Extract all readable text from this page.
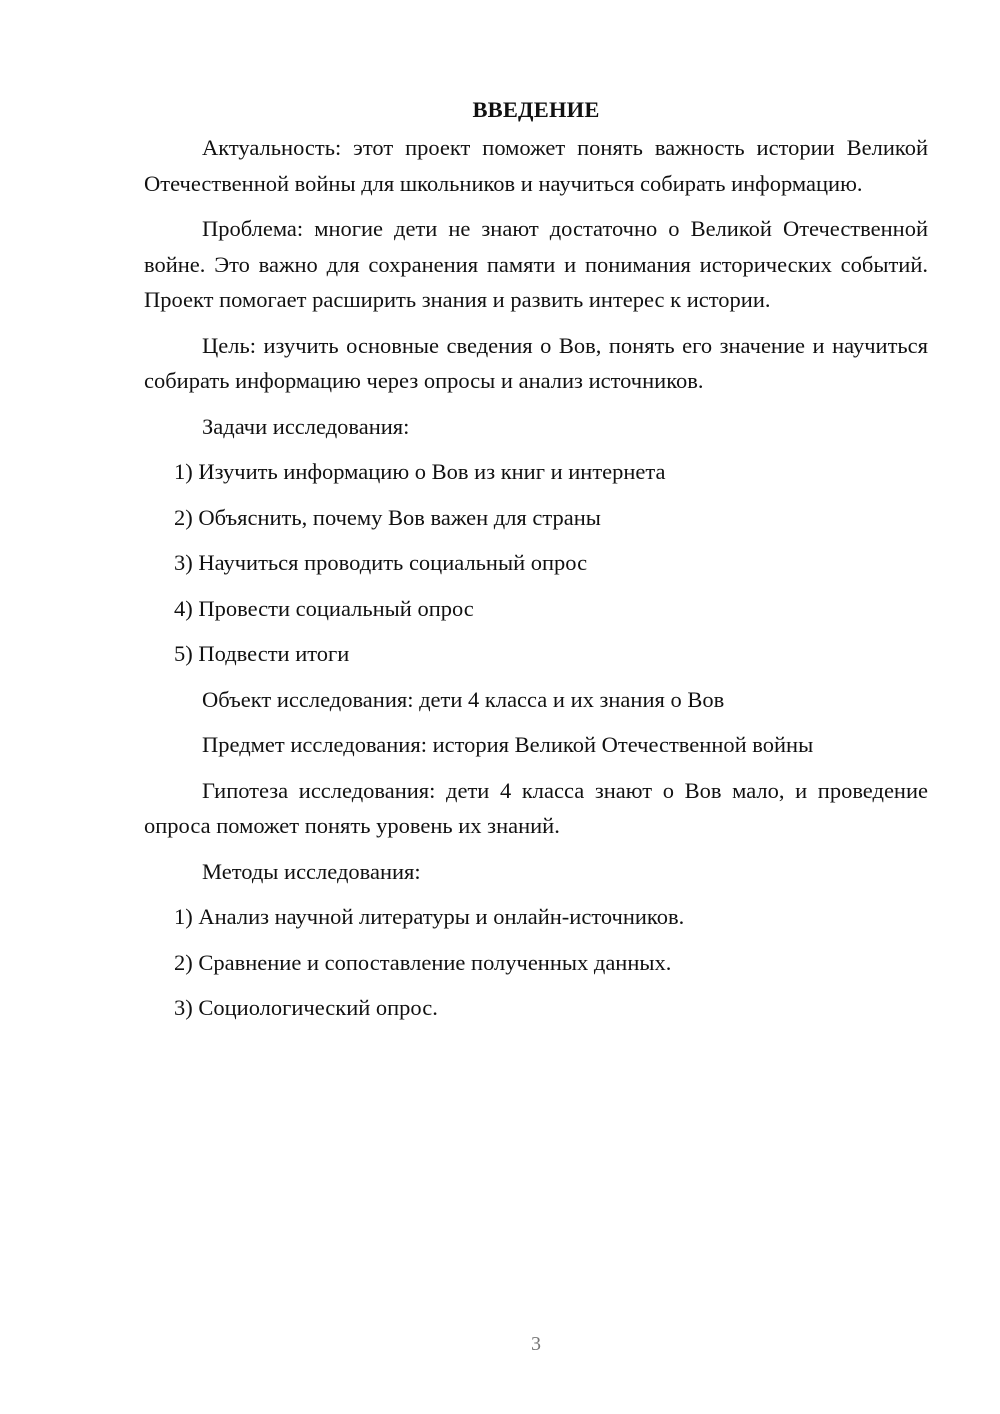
ВВЕДЕНИЕ

Актуальность: этот проект поможет понять важность истории Великой Отечественной войны для школьников и научиться собирать информацию.

Проблема: многие дети не знают достаточно о Великой Отечественной войне. Это важно для сохранения памяти и понимания исторических событий. Проект помогает расширить знания и развить интерес к истории.

Цель: изучить основные сведения о Вов, понять его значение и научиться собирать информацию через опросы и анализ источников.

Задачи исследования:

1) Изучить информацию о Вов из книг и интернета

2) Объяснить, почему Вов важен для страны

3) Научиться проводить социальный опрос

4) Провести социальный опрос

5) Подвести итоги

Объект исследования: дети 4 класса и их знания о Вов

Предмет исследования: история Великой Отечественной войны

Гипотеза исследования: дети 4 класса знают о Вов мало, и проведение опроса поможет понять уровень их знаний.

Методы исследования:

1) Анализ научной литературы и онлайн-источников.

2) Сравнение и сопоставление полученных данных.

3) Социологический опрос.

3
